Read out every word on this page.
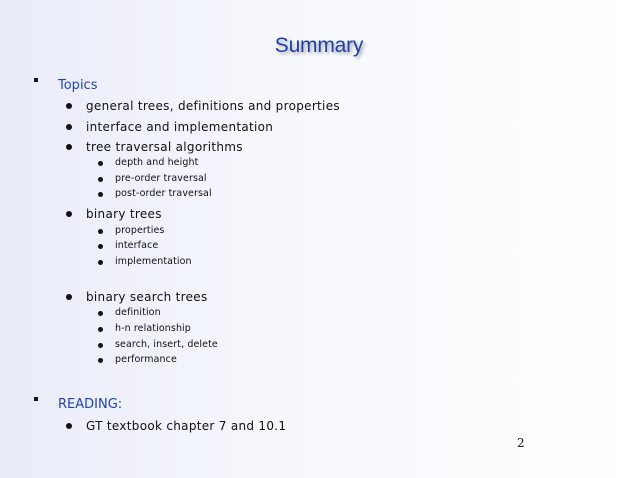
Summary
Topics
general trees, definitions and properties
interface and implementation
tree traversal algorithms
depth and height
pre-order traversal
post-order traversal
binary trees
properties
interface
implementation
binary search trees
definition
h-n relationship
search, insert, delete
performance
READING:
GT textbook chapter 7 and 10.1
2
